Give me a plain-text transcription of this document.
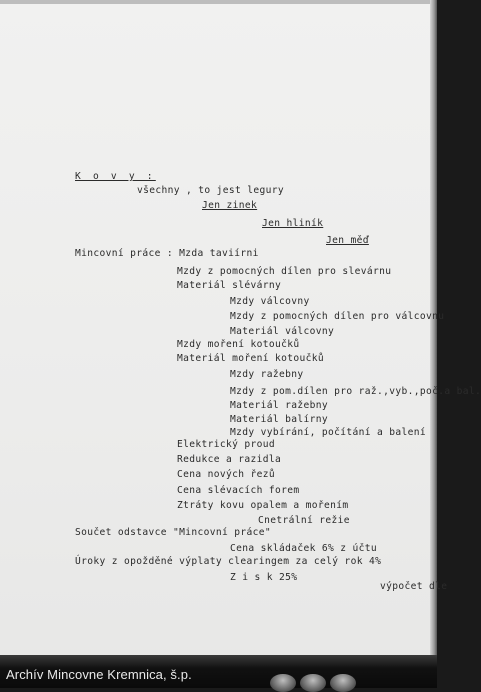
K o v y :
všechny , to jest legury
Jen zinek
Jen hliník
Jen měď
Mincovní práce : Mzda taviírni
Mzdy z pomocných dílen pro slevárnu
Materiál slévárny
Mzdy válcovny
Mzdy z pomocných dílen pro válcovnu
Materiál válcovny
Mzdy moření kotoučků
Materiál moření kotoučků
Mzdy ražebny
Mzdy z pom.dílen pro raž.,vyb.,poč.a bal.
Materiál ražebny
Materiál balírny
Mzdy vybírání, počítání a balení
Elektrický proud
Redukce a razidla
Cena nových řezů
Cena slévacích forem
Ztráty kovu opalem a mořením
Cnetrální režie
Součet odstavce "Mincovní práce"
Cena skládaček 6% z účtu
Úroky z opožděné výplaty clearingem za celý rok 4%
Z i s k 25%
výpočet dle
Archív Mincovne Kremnica, š.p.
